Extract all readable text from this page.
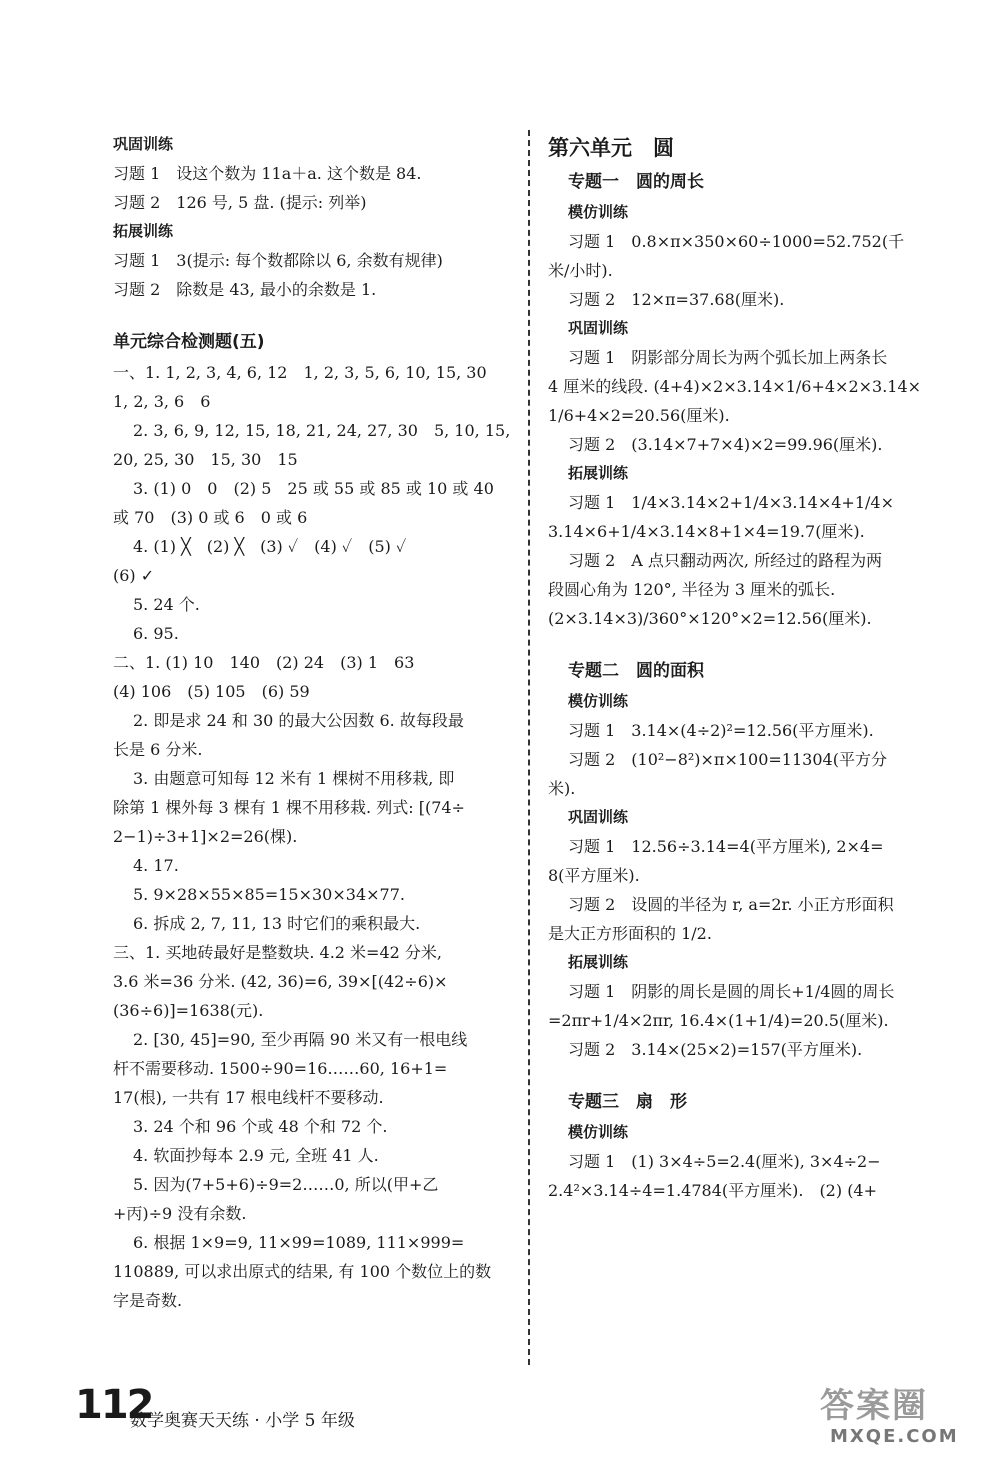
巩固训练
习题 1　设这个数为 11a＋a. 这个数是 84.
习题 2　126 号, 5 盘. (提示: 列举)
拓展训练
习题 1　3(提示: 每个数都除以 6, 余数有规律)
习题 2　除数是 43, 最小的余数是 1.
单元综合检测题(五)
一、1. 1, 2, 3, 4, 6, 12　1, 2, 3, 5, 6, 10, 15, 30
1, 2, 3, 6　6
2. 3, 6, 9, 12, 15, 18, 21, 24, 27, 30　5, 10, 15,
20, 25, 30　15, 30　15
3. (1) 0　0　(2) 5　25 或 55 或 85 或 10 或 40
或 70　(3) 0 或 6　0 或 6
4. (1) ╳　(2) ╳　(3) ✓　(4) ✓　(5) ✓
(6) ✓
5. 24 个.
6. 95.
二、1. (1) 10　140　(2) 24　(3) 1　63
(4) 106　(5) 105　(6) 59
2. 即是求 24 和 30 的最大公因数 6. 故每段最
长是 6 分米.
3. 由题意可知每 12 米有 1 棵树不用移栽, 即
除第 1 棵外每 3 棵有 1 棵不用移栽. 列式: [(74÷
2−1)÷3+1]×2=26(棵).
4. 17.
5. 9×28×55×85=15×30×34×77.
6. 拆成 2, 7, 11, 13 时它们的乘积最大.
三、1. 买地砖最好是整数块. 4.2 米=42 分米,
3.6 米=36 分米. (42, 36)=6, 39×[(42÷6)×
(36÷6)]=1638(元).
2. [30, 45]=90, 至少再隔 90 米又有一根电线
杆不需要移动. 1500÷90=16……60, 16+1=
17(根), 一共有 17 根电线杆不要移动.
3. 24 个和 96 个或 48 个和 72 个.
4. 软面抄每本 2.9 元, 全班 41 人.
5. 因为(7+5+6)÷9=2……0, 所以(甲+乙
+丙)÷9 没有余数.
6. 根据 1×9=9, 11×99=1089, 111×999=
110889, 可以求出原式的结果, 有 100 个数位上的数
字是奇数.
第六单元　圆
专题一　圆的周长
模仿训练
习题 1　0.8×π×350×60÷1000=52.752(千
米/小时).
习题 2　12×π=37.68(厘米).
巩固训练
习题 1　阴影部分周长为两个弧长加上两条长
4 厘米的线段. (4+4)×2×3.14×1/6+4×2×3.14×
1/6+4×2=20.56(厘米).
习题 2　(3.14×7+7×4)×2=99.96(厘米).
拓展训练
习题 1　1/4×3.14×2+1/4×3.14×4+1/4×
3.14×6+1/4×3.14×8+1×4=19.7(厘米).
习题 2　A 点只翻动两次, 所经过的路程为两
段圆心角为 120°, 半径为 3 厘米的弧长.
(2×3.14×3)/360°×120°×2=12.56(厘米).
专题二　圆的面积
模仿训练
习题 1　3.14×(4÷2)²=12.56(平方厘米).
习题 2　(10²−8²)×π×100=11304(平方分
米).
巩固训练
习题 1　12.56÷3.14=4(平方厘米), 2×4=
8(平方厘米).
习题 2　设圆的半径为 r, a=2r. 小正方形面积
是大正方形面积的 1/2.
拓展训练
习题 1　阴影的周长是圆的周长+1/4圆的周长
=2πr+1/4×2πr, 16.4×(1+1/4)=20.5(厘米).
习题 2　3.14×(25×2)=157(平方厘米).
专题三　扇　形
模仿训练
习题 1　(1) 3×4÷5=2.4(厘米), 3×4÷2−
2.4²×3.14÷4=1.4784(平方厘米).　(2) (4+
112
数学奥赛天天练 · 小学 5 年级	答案圈
MXQE.COM
